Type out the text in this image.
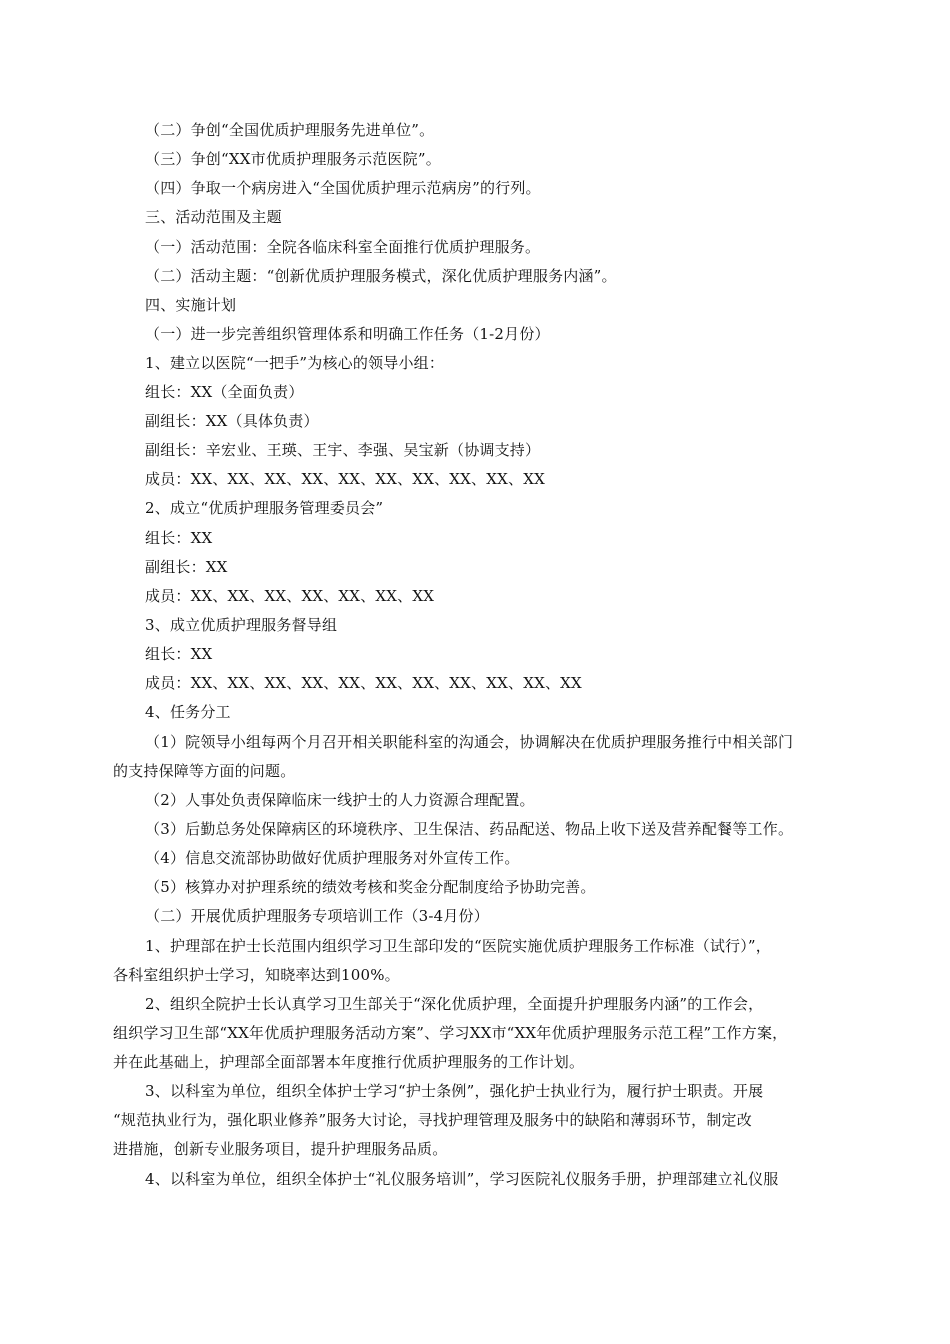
（二）争创“全国优质护理服务先进单位”。
（三）争创“XX市优质护理服务示范医院”。
（四）争取一个病房进入“全国优质护理示范病房”的行列。
三、活动范围及主题
（一）活动范围：全院各临床科室全面推行优质护理服务。
（二）活动主题：“创新优质护理服务模式，深化优质护理服务内涵”。
四、实施计划
（一）进一步完善组织管理体系和明确工作任务（1-2月份）
1、建立以医院“一把手”为核心的领导小组：
组长：XX（全面负责）
副组长：XX（具体负责）
副组长：辛宏业、王瑛、王宇、李强、吴宝新（协调支持）
成员：XX、XX、XX、XX、XX、XX、XX、XX、XX、XX
2、成立“优质护理服务管理委员会”
组长：XX
副组长：XX
成员：XX、XX、XX、XX、XX、XX、XX
3、成立优质护理服务督导组
组长：XX
成员：XX、XX、XX、XX、XX、XX、XX、XX、XX、XX、XX
4、任务分工
（1）院领导小组每两个月召开相关职能科室的沟通会，协调解决在优质护理服务推行中相关部门
的支持保障等方面的问题。
（2）人事处负责保障临床一线护士的人力资源合理配置。
（3）后勤总务处保障病区的环境秩序、卫生保洁、药品配送、物品上收下送及营养配餐等工作。
（4）信息交流部协助做好优质护理服务对外宣传工作。
（5）核算办对护理系统的绩效考核和奖金分配制度给予协助完善。
（二）开展优质护理服务专项培训工作（3-4月份）
1、护理部在护士长范围内组织学习卫生部印发的“医院实施优质护理服务工作标准（试行）”，
各科室组织护士学习，知晓率达到100%。
2、组织全院护士长认真学习卫生部关于“深化优质护理，全面提升护理服务内涵”的工作会，
组织学习卫生部“XX年优质护理服务活动方案”、学习XX市“XX年优质护理服务示范工程”工作方案，
并在此基础上，护理部全面部署本年度推行优质护理服务的工作计划。
3、以科室为单位，组织全体护士学习“护士条例”，强化护士执业行为，履行护士职责。开展
“规范执业行为，强化职业修养”服务大讨论，寻找护理管理及服务中的缺陷和薄弱环节，制定改
进措施，创新专业服务项目，提升护理服务品质。
4、以科室为单位，组织全体护士“礼仪服务培训”，学习医院礼仪服务手册，护理部建立礼仪服
